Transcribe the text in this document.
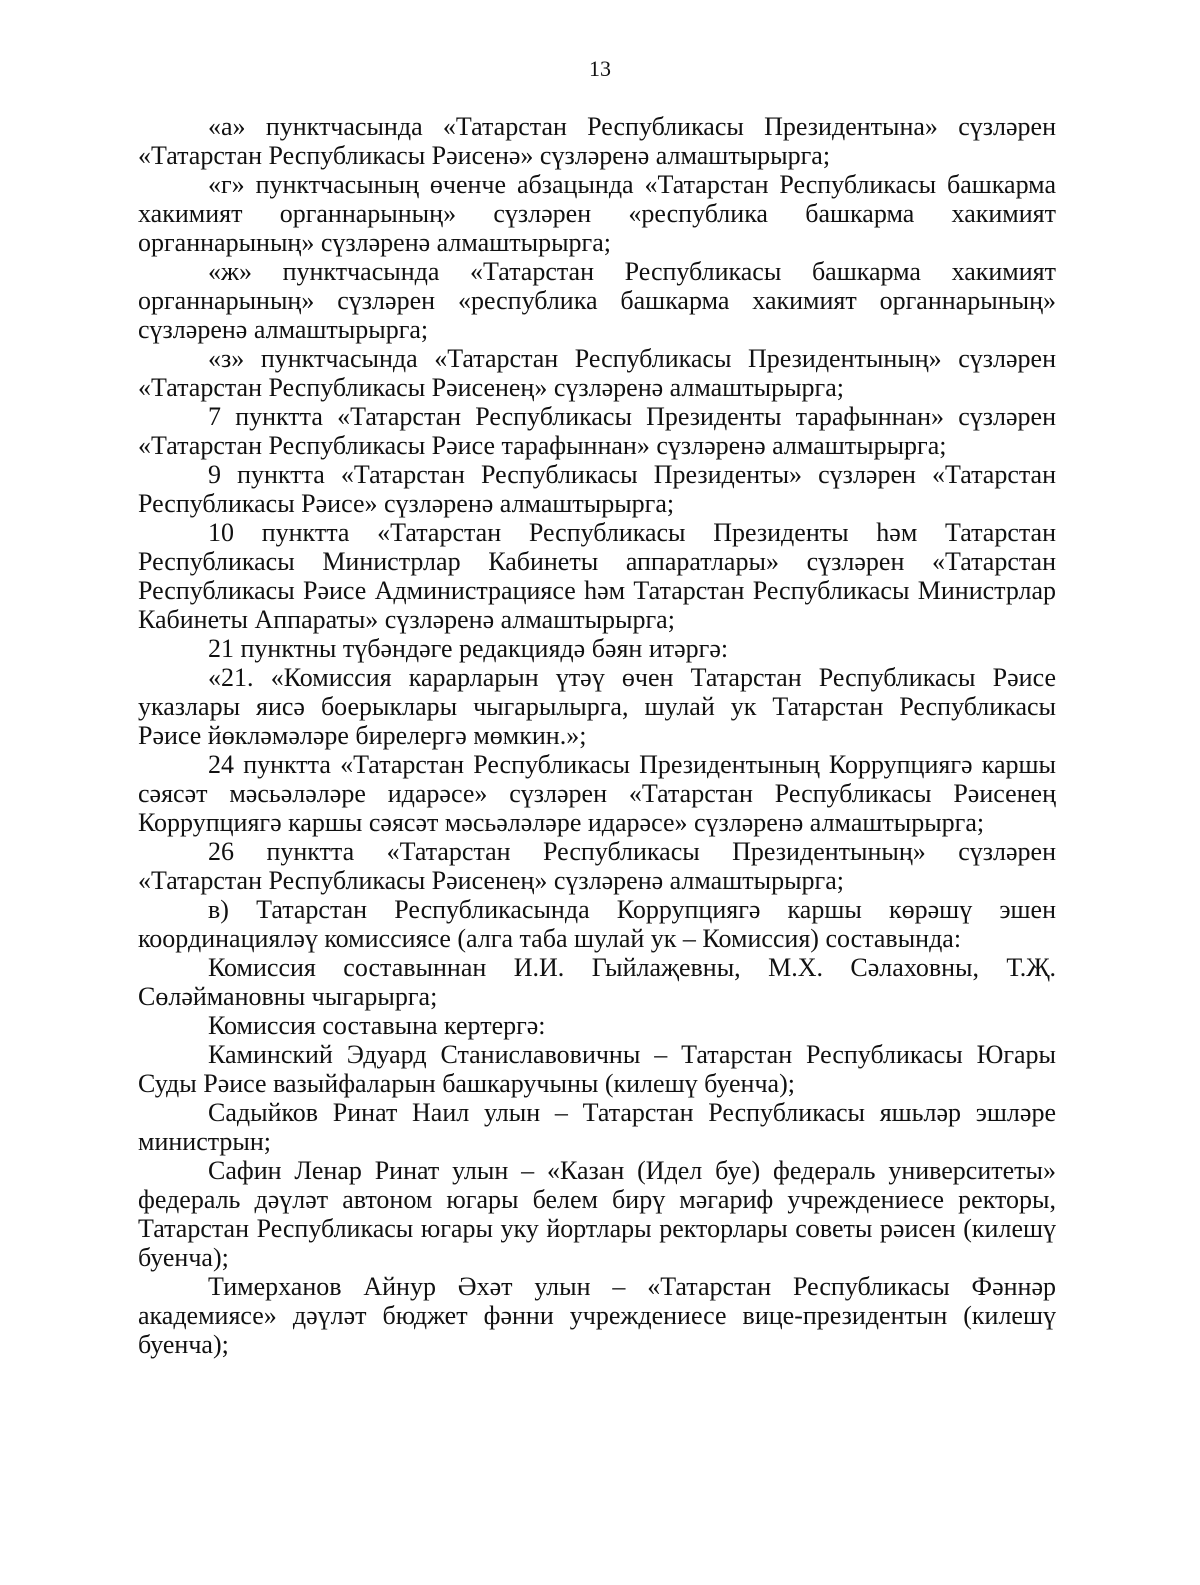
13

«а» пунктчасында «Татарстан Республикасы Президентына» сүзләрен «Татарстан Республикасы Рәисенә» сүзләренә алмаштырырга;

«г» пунктчасының өченче абзацында «Татарстан Республикасы башкарма хакимият органнарының» сүзләрен «республика башкарма хакимият органнарының» сүзләренә алмаштырырга;

«ж» пунктчасында «Татарстан Республикасы башкарма хакимият органнарының» сүзләрен «республика башкарма хакимият органнарының» сүзләренә алмаштырырга;

«з» пунктчасында «Татарстан Республикасы Президентының» сүзләрен «Татарстан Республикасы Рәисенең» сүзләренә алмаштырырга;

7 пунктта «Татарстан Республикасы Президенты тарафыннан» сүзләрен «Татарстан Республикасы Рәисе тарафыннан» сүзләренә алмаштырырга;

9 пунктта «Татарстан Республикасы Президенты» сүзләрен «Татарстан Республикасы Рәисе» сүзләренә алмаштырырга;

10 пунктта «Татарстан Республикасы Президенты һәм Татарстан Республикасы Министрлар Кабинеты аппаратлары» сүзләрен «Татарстан Республикасы Рәисе Администрациясе һәм Татарстан Республикасы Министрлар Кабинеты Аппараты» сүзләренә алмаштырырга;

21 пунктны түбәндәге редакциядә бәян итәргә:

«21. «Комиссия карарларын үтәү өчен Татарстан Республикасы Рәисе указлары яисә боерыклары чыгарылырга, шулай ук Татарстан Республикасы Рәисе йөкләмәләре бирелергә мөмкин.»;

24 пунктта «Татарстан Республикасы Президентының Коррупциягә каршы сәясәт мәсьәләләре идарәсе» сүзләрен «Татарстан Республикасы Рәисенең Коррупциягә каршы сәясәт мәсьәләләре идарәсе» сүзләренә алмаштырырга;

26 пунктта «Татарстан Республикасы Президентының» сүзләрен «Татарстан Республикасы Рәисенең» сүзләренә алмаштырырга;

в) Татарстан Республикасында Коррупциягә каршы көрәшү эшен координацияләү комиссиясе (алга таба шулай ук – Комиссия) составында:

Комиссия составыннан И.И. Гыйлаҗевны, М.Х. Сәлаховны, Т.Җ. Сөләймановны чыгарырга;

Комиссия составына кертергә:

Каминский Эдуард Станиславовичны – Татарстан Республикасы Югары Суды Рәисе вазыйфаларын башкаручыны (килешү буенча);

Садыйков Ринат Наил улын – Татарстан Республикасы яшьләр эшләре министрын;

Сафин Ленар Ринат улын – «Казан (Идел буе) федераль университеты» федераль дәүләт автоном югары белем бирү мәгариф учреждениесе ректоры, Татарстан Республикасы югары уку йортлары ректорлары советы рәисен (килешү буенча);

Тимерханов Айнур Әхәт улын – «Татарстан Республикасы Фәннәр академиясе» дәүләт бюджет фәнни учреждениесе вице-президентын (килешү буенча);
